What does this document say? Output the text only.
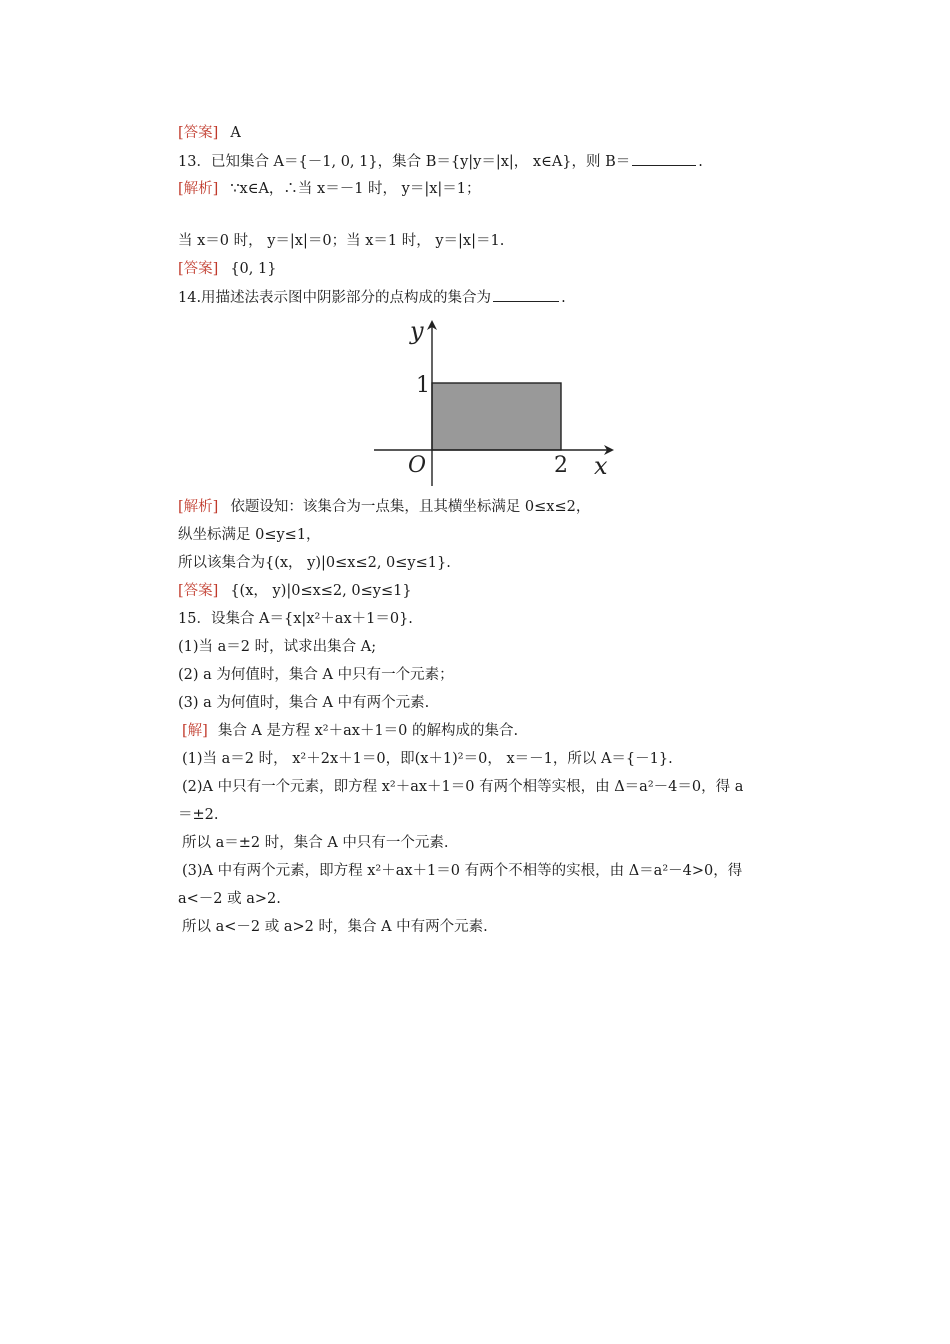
[答案] A
13．已知集合 A＝{－1, 0, 1}，集合 B＝{y|y＝|x|， x∈A}，则 B＝	.
[解析] ∵x∈A，∴当 x＝－1 时， y＝|x|＝1；
当 x＝0 时， y＝|x|＝0；当 x＝1 时， y＝|x|＝1.
[答案] {0, 1}
14.用描述法表示图中阴影部分的点构成的集合为	.
y
1
O	2 x
[解析] 依题设知：该集合为一点集，且其横坐标满足 0≤x≤2，
纵坐标满足 0≤y≤1，
所以该集合为{(x， y)|0≤x≤2, 0≤y≤1}.
[答案] {(x， y)|0≤x≤2, 0≤y≤1}
15．设集合 A＝{x|x²＋ax＋1＝0}.
(1)当 a＝2 时，试求出集合 A;
(2) a 为何值时，集合 A 中只有一个元素；
(3) a 为何值时，集合 A 中有两个元素.
[解] 集合 A 是方程 x²＋ax＋1＝0 的解构成的集合.
(1)当 a＝2 时， x²＋2x＋1＝0，即(x＋1)²＝0， x＝－1，所以 A＝{－1}.
(2)A 中只有一个元素，即方程 x²＋ax＋1＝0 有两个相等实根，由 Δ＝a²－4＝0，得 a
＝±2.
所以 a＝±2 时，集合 A 中只有一个元素.
(3)A 中有两个元素，即方程 x²＋ax＋1＝0 有两个不相等的实根，由 Δ＝a²－4>0，得
a<－2 或 a>2.
所以 a<－2 或 a>2 时，集合 A 中有两个元素.
